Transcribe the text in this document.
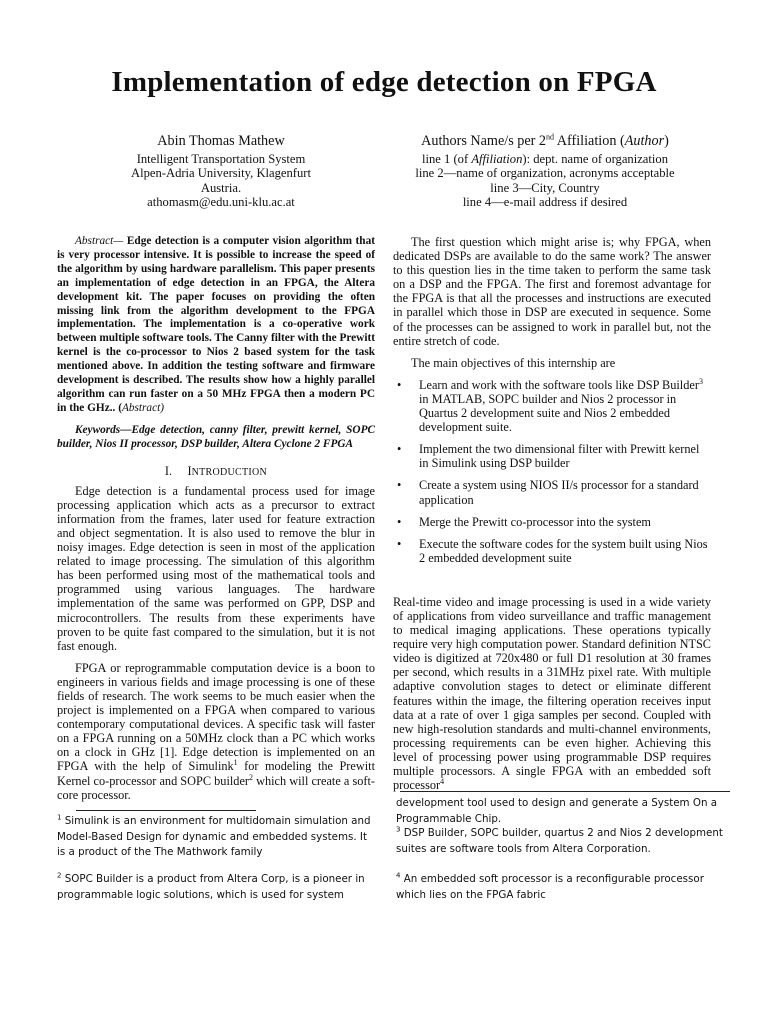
Implementation of edge detection on FPGA
Abin Thomas Mathew
Intelligent Transportation System
Alpen-Adria University, Klagenfurt
Austria.
athomasm@edu.uni-klu.ac.at
Authors Name/s per 2nd Affiliation (Author)
line 1 (of Affiliation): dept. name of organization
line 2—name of organization, acronyms acceptable
line 3—City, Country
line 4—e-mail address if desired

Abstract— Edge detection is a computer vision algorithm that is very processor intensive. It is possible to increase the speed of the algorithm by using hardware parallelism. This paper presents an implementation of edge detection in an FPGA, the Altera development kit. The paper focuses on providing the often missing link from the algorithm development to the FPGA implementation. The implementation is a co-operative work between multiple software tools. The Canny filter with the Prewitt kernel is the co-processor to Nios 2 based system for the task mentioned above. In addition the testing software and firmware development is described. The results show how a highly parallel algorithm can run faster on a 50 MHz FPGA then a modern PC in the GHz.. (Abstract)

Keywords—Edge detection, canny filter, prewitt kernel, SOPC builder, Nios II processor, DSP builder, Altera Cyclone 2 FPGA

I. INTRODUCTION

Edge detection is a fundamental process used for image processing application which acts as a precursor to extract information from the frames, later used for feature extraction and object segmentation. It is also used to remove the blur in noisy images. Edge detection is seen in most of the application related to image processing. The simulation of this algorithm has been performed using most of the mathematical tools and programmed using various languages. The hardware implementation of the same was performed on GPP, DSP and microcontrollers. The results from these experiments have proven to be quite fast compared to the simulation, but it is not fast enough.

FPGA or reprogrammable computation device is a boon to engineers in various fields and image processing is one of these fields of research. The work seems to be much easier when the project is implemented on a FPGA when compared to various contemporary computational devices. A specific task will faster on a FPGA running on a 50MHz clock than a PC which works on a clock in GHz [1]. Edge detection is implemented on an FPGA with the help of Simulink$^1$ for modeling the Prewitt Kernel co-processor and SOPC builder$^2$ which will create a soft-core processor.

The first question which might arise is; why FPGA, when dedicated DSPs are available to do the same work? The answer to this question lies in the time taken to perform the same task on a DSP and the FPGA. The first and foremost advantage for the FPGA is that all the processes and instructions are executed in parallel which those in DSP are executed in sequence. Some of the processes can be assigned to work in parallel but, not the entire stretch of code.

The main objectives of this internship are

• Learn and work with the software tools like DSP Builder$^3$ in MATLAB, SOPC builder and Nios 2 processor in Quartus 2 development suite and Nios 2 embedded development suite.
• Implement the two dimensional filter with Prewitt kernel in Simulink using DSP builder
• Create a system using NIOS II/s processor for a standard application
• Merge the Prewitt co-processor into the system
• Execute the software codes for the system built using Nios 2 embedded development suite

Real-time video and image processing is used in a wide variety of applications from video surveillance and traffic management to medical imaging applications. These operations typically require very high computation power. Standard definition NTSC video is digitized at 720x480 or full D1 resolution at 30 frames per second, which results in a 31MHz pixel rate. With multiple adaptive convolution stages to detect or eliminate different features within the image, the filtering operation receives input data at a rate of over 1 giga samples per second. Coupled with new high-resolution standards and multi-channel environments, processing requirements can be even higher. Achieving this level of processing power using programmable DSP requires multiple processors. A single FPGA with an embedded soft processor$^4$

$^1$ Simulink is an environment for multidomain simulation and Model-Based Design for dynamic and embedded systems. It is a product of the The Mathwork family
$^2$ SOPC Builder is a product from Altera Corp, is a pioneer in programmable logic solutions, which is used for system
development tool used to design and generate a System On a Programmable Chip.
$^3$ DSP Builder, SOPC builder, quartus 2 and Nios 2 development suites are software tools from Altera Corporation.
$^4$ An embedded soft processor is a reconfigurable processor which lies on the FPGA fabric
